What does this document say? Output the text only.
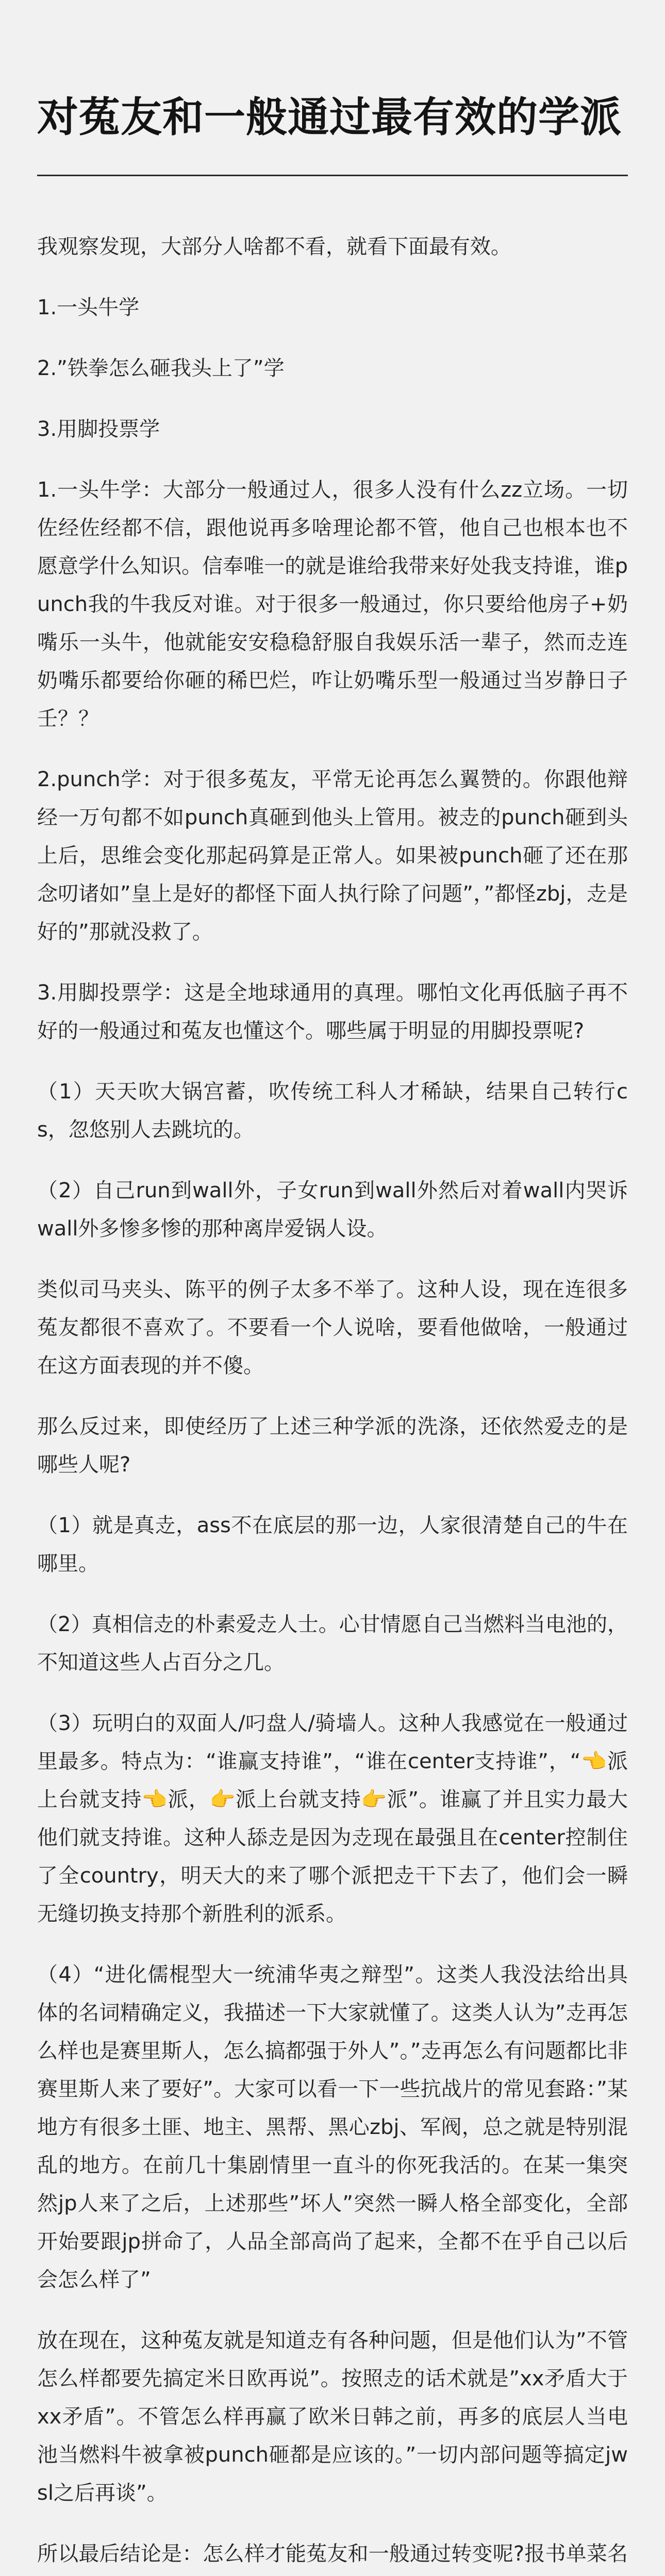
对菟友和一般通过最有效的学派

我观察发现，大部分人啥都不看，就看下面最有效。

1.一头牛学

2.”铁拳怎么砸我头上了”学

3.用脚投票学

1.一头牛学：大部分一般通过人，很多人没有什么zz立场。一切佐经佐经都不信，跟他说再多啥理论都不管，他自己也根本也不愿意学什么知识。信奉唯一的就是谁给我带来好处我支持谁，谁punch我的牛我反对谁。对于很多一般通过，你只要给他房子+奶嘴乐一头牛，他就能安安稳稳舒服自我娱乐活一辈子，然而赱连奶嘴乐都要给你砸的稀巴烂，咋让奶嘴乐型一般通过当岁静日子壬？？

2.punch学：对于很多菟友，平常无论再怎么翼赞的。你跟他辩经一万句都不如punch真砸到他头上管用。被赱的punch砸到头上后，思维会变化那起码算是正常人。如果被punch砸了还在那念叨诸如”皇上是好的都怪下面人执行除了问题”，”都怪zbj，赱是好的”那就没救了。

3.用脚投票学：这是全地球通用的真理。哪怕文化再低脑子再不好的一般通过和菟友也懂这个。哪些属于明显的用脚投票呢?

（1）天天吹大锅宫蓄，吹传统工科人才稀缺，结果自己转行cs，忽悠别人去跳坑的。

（2）自己run到wall外，子女run到wall外然后对着wall内哭诉wall外多惨多惨的那种离岸爱锅人设。

类似司马夹头、陈平的例子太多不举了。这种人设，现在连很多菟友都很不喜欢了。不要看一个人说啥，要看他做啥，一般通过在这方面表现的并不傻。

那么反过来，即使经历了上述三种学派的洗涤，还依然爱赱的是哪些人呢?

（1）就是真赱，ass不在底层的那一边，人家很清楚自己的牛在哪里。

（2）真相信赱的朴素爱赱人士。心甘情愿自己当燃料当电池的，不知道这些人占百分之几。

（3）玩明白的双面人/叼盘人/骑墙人。这种人我感觉在一般通过里最多。特点为：“谁赢支持谁”，“谁在center支持谁”，“👈派上台就支持👈派，👉派上台就支持👉派”。谁赢了并且实力最大他们就支持谁。这种人舔赱是因为赱现在最强且在center控制住了全country，明天大的来了哪个派把赱干下去了，他们会一瞬无缝切换支持那个新胜利的派系。

（4）“进化儒棍型大一统浦华夷之辩型”。这类人我没法给出具体的名词精确定义，我描述一下大家就懂了。这类人认为”赱再怎么样也是赛里斯人，怎么搞都强于外人”。”赱再怎么有问题都比非赛里斯人来了要好”。大家可以看一下一些抗战片的常见套路：”某地方有很多土匪、地主、黑帮、黑心zbj、军阀，总之就是特别混乱的地方。在前几十集剧情里一直斗的你死我活的。在某一集突然jp人来了之后，上述那些”坏人”突然一瞬人格全部变化，全部开始要跟jp拼命了，人品全部高尚了起来，全都不在乎自己以后会怎么样了”

放在现在，这种菟友就是知道赱有各种问题，但是他们认为”不管怎么样都要先搞定米日欧再说”。按照赱的话术就是”xx矛盾大于xx矛盾”。不管怎么样再赢了欧米日韩之前，再多的底层人当电池当燃料牛被拿被punch砸都是应该的。”一切内部问题等搞定jwsl之后再谈”。

所以最后结论是：怎么样才能菟友和一般通过转变呢?报书单菜名
